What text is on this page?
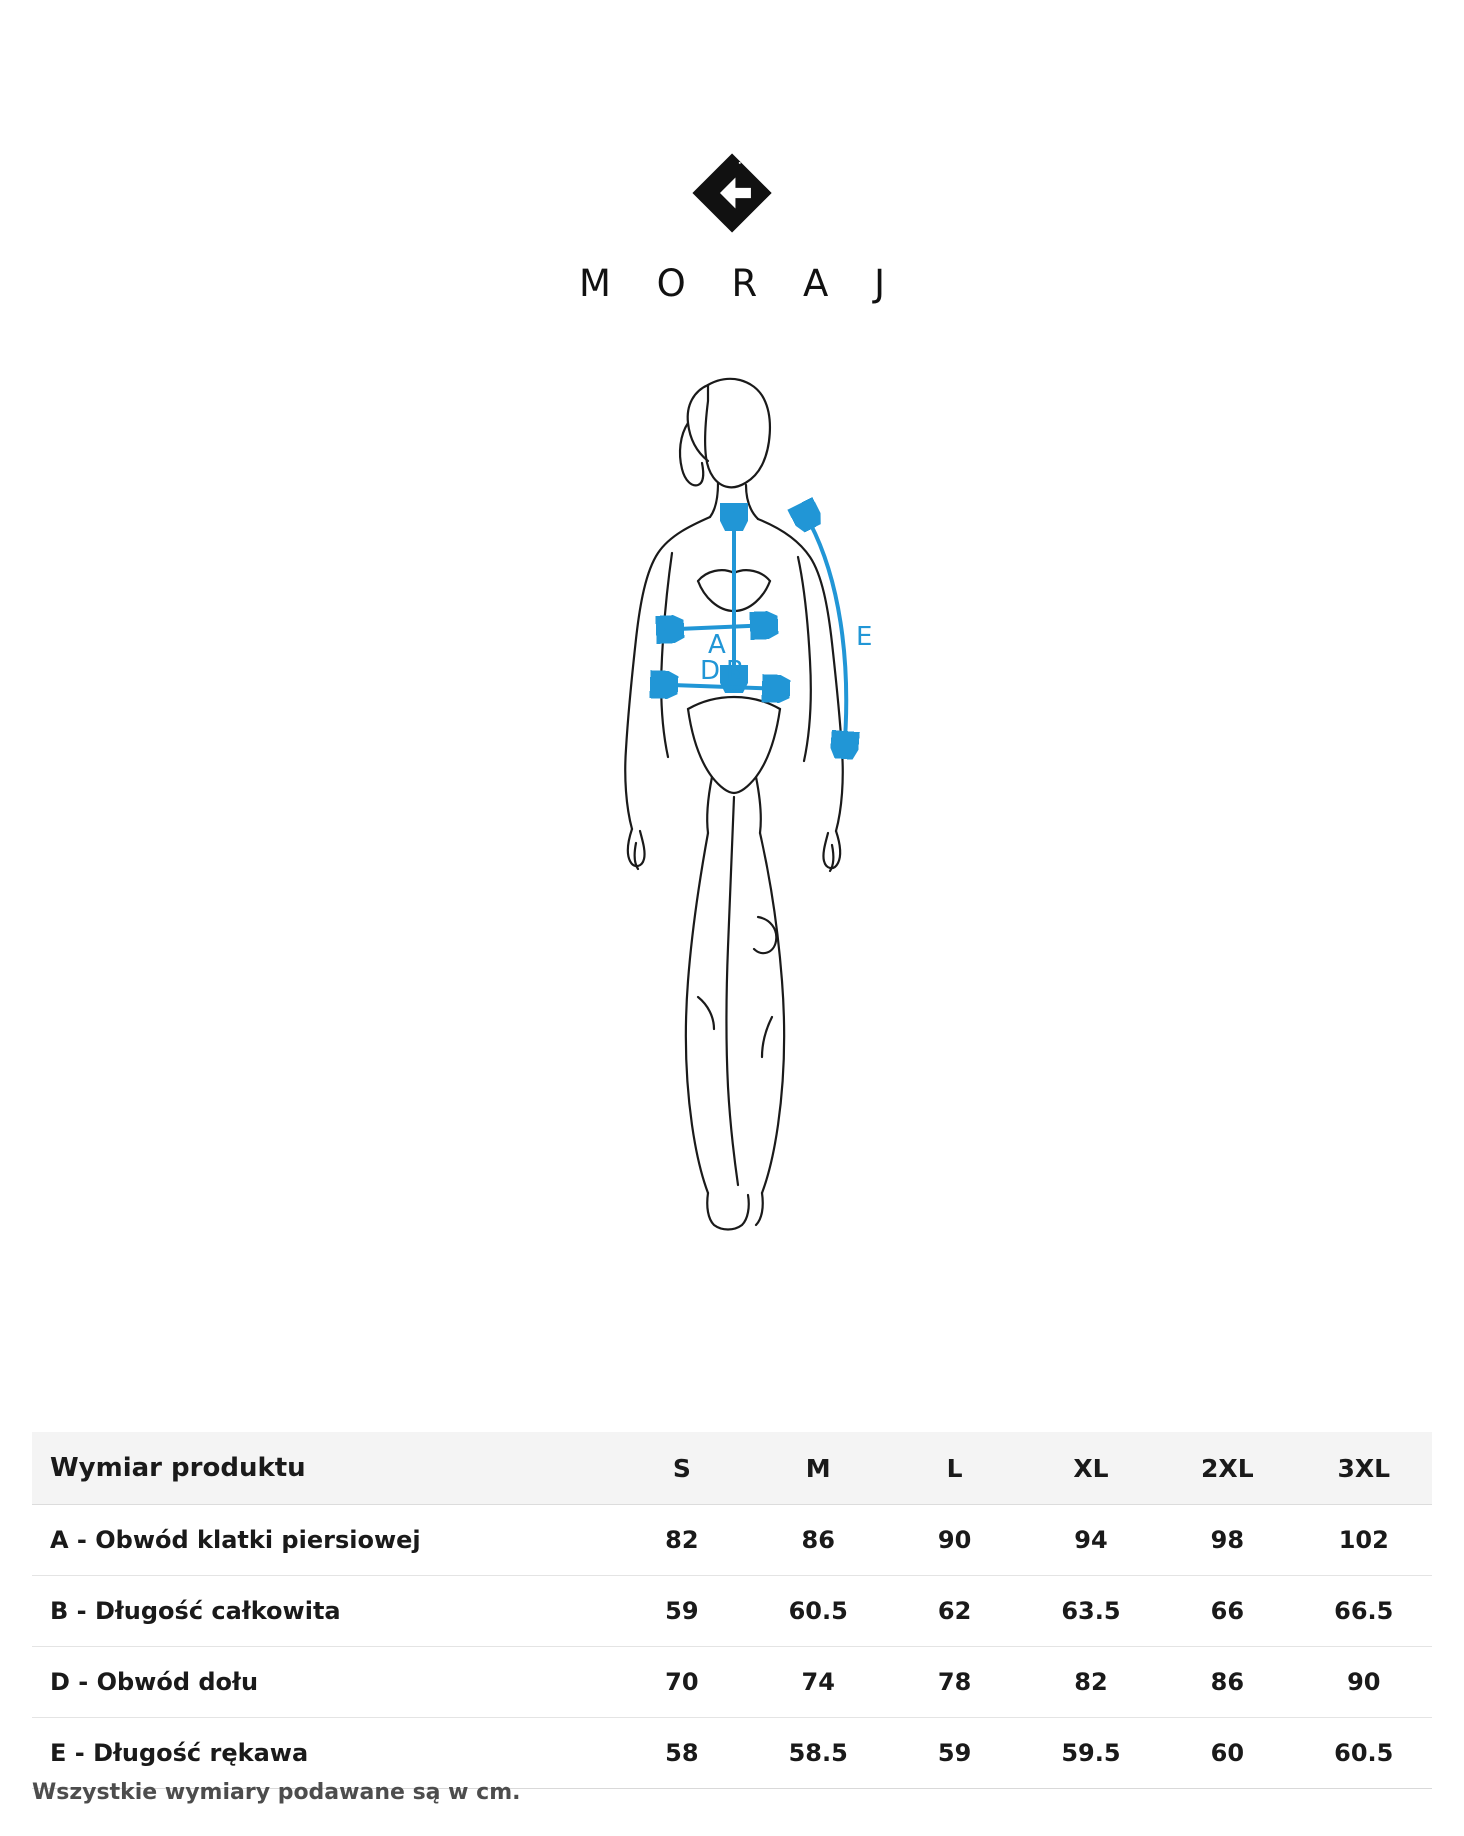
M O R A J
A
B
D
E
Wymiar produktu	S	M	L	XL	2XL	3XL
A - Obwód klatki piersiowej	82	86	90	94	98	102
B - Długość całkowita	59	60.5	62	63.5	66	66.5
D - Obwód dołu	70	74	78	82	86	90
E - Długość rękawa	58	58.5	59	59.5	60	60.5
Wszystkie wymiary podawane są w cm.
